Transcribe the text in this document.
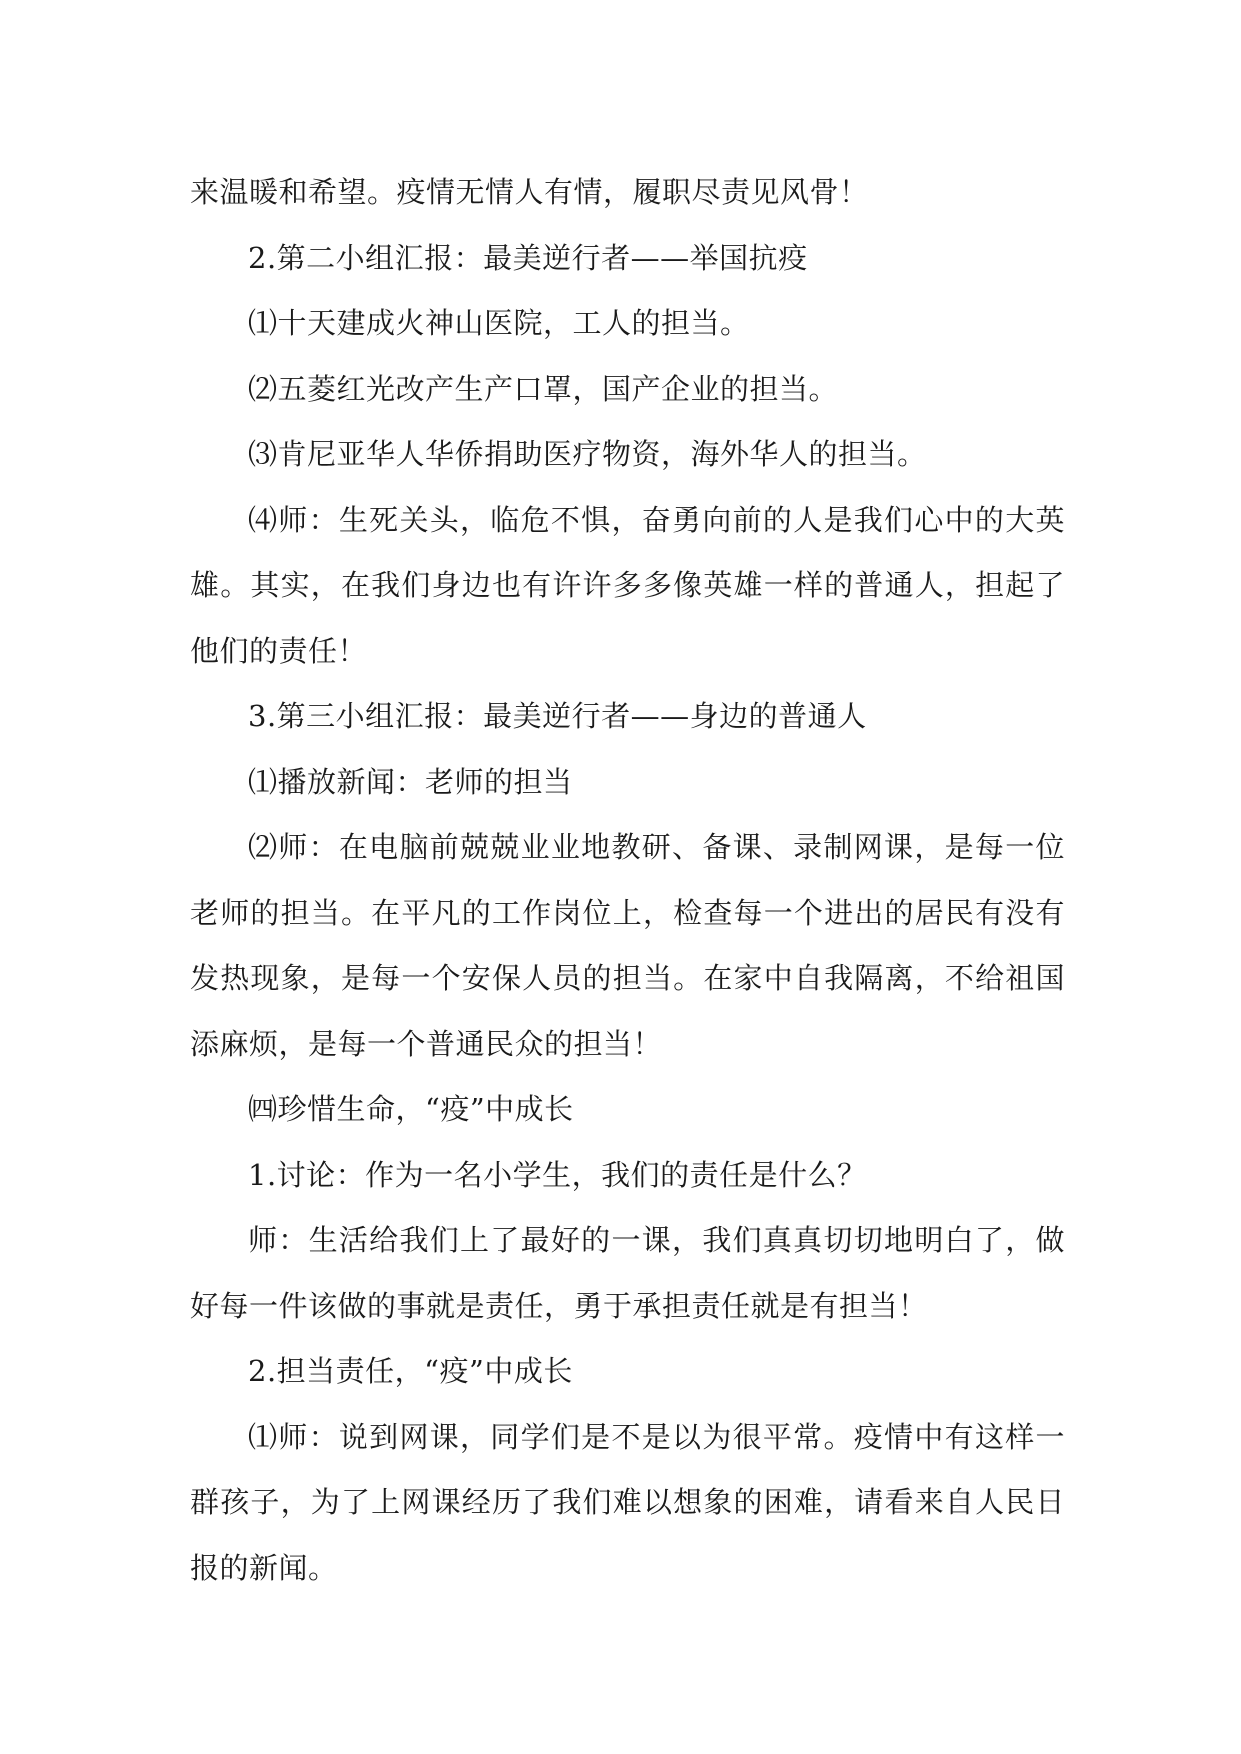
来温暖和希望。疫情无情人有情，履职尽责见风骨！

2.第二小组汇报：最美逆行者——举国抗疫

⑴十天建成火神山医院，工人的担当。

⑵五菱红光改产生产口罩，国产企业的担当。

⑶肯尼亚华人华侨捐助医疗物资，海外华人的担当。

⑷师：生死关头，临危不惧，奋勇向前的人是我们心中的大英雄。其实，在我们身边也有许许多多像英雄一样的普通人，担起了他们的责任！

3.第三小组汇报：最美逆行者——身边的普通人

⑴播放新闻：老师的担当

⑵师：在电脑前兢兢业业地教研、备课、录制网课，是每一位老师的担当。在平凡的工作岗位上，检查每一个进出的居民有没有发热现象，是每一个安保人员的担当。在家中自我隔离，不给祖国添麻烦，是每一个普通民众的担当！

㈣珍惜生命，“疫”中成长

1.讨论：作为一名小学生，我们的责任是什么？

师：生活给我们上了最好的一课，我们真真切切地明白了，做好每一件该做的事就是责任，勇于承担责任就是有担当！

2.担当责任，“疫”中成长

⑴师：说到网课，同学们是不是以为很平常。疫情中有这样一群孩子，为了上网课经历了我们难以想象的困难，请看来自人民日报的新闻。
